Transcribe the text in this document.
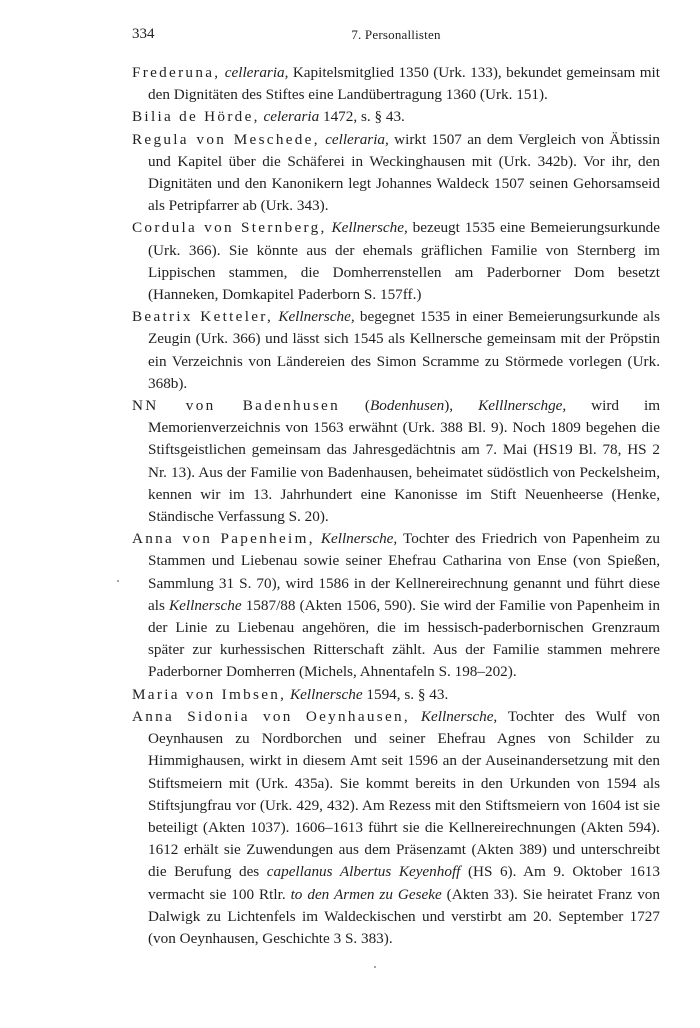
334	7. Personallisten

Frederuna, celleraria, Kapitelsmitglied 1350 (Urk. 133), bekundet gemeinsam mit den Dignitäten des Stiftes eine Landübertragung 1360 (Urk. 151).

Bilia de Hörde, celeraria 1472, s. § 43.

Regula von Meschede, celleraria, wirkt 1507 an dem Vergleich von Äbtissin und Kapitel über die Schäferei in Weckinghausen mit (Urk. 342b). Vor ihr, den Dignitäten und den Kanonikern legt Johannes Waldeck 1507 seinen Gehorsamseid als Petripfarrer ab (Urk. 343).

Cordula von Sternberg, Kellnersche, bezeugt 1535 eine Bemeierungsurkunde (Urk. 366). Sie könnte aus der ehemals gräflichen Familie von Sternberg im Lippischen stammen, die Domherrenstellen am Paderborner Dom besetzt (Hanneken, Domkapitel Paderborn S. 157ff.)

Beatrix Ketteler, Kellnersche, begegnet 1535 in einer Bemeierungsurkunde als Zeugin (Urk. 366) und lässt sich 1545 als Kellnersche gemeinsam mit der Pröpstin ein Verzeichnis von Ländereien des Simon Scramme zu Störmede vorlegen (Urk. 368b).

NN von Badenhusen (Bodenhusen), Kelllnerschge, wird im Memorienverzeichnis von 1563 erwähnt (Urk. 388 Bl. 9). Noch 1809 begehen die Stiftsgeistlichen gemeinsam das Jahresgedächtnis am 7. Mai (HS19 Bl. 78, HS 2 Nr. 13). Aus der Familie von Badenhausen, beheimatet südöstlich von Peckelsheim, kennen wir im 13. Jahrhundert eine Kanonisse im Stift Neuenheerse (Henke, Ständische Verfassung S. 20).

Anna von Papenheim, Kellnersche, Tochter des Friedrich von Papenheim zu Stammen und Liebenau sowie seiner Ehefrau Catharina von Ense (von Spießen, Sammlung 31 S. 70), wird 1586 in der Kellnereirechnung genannt und führt diese als Kellnersche 1587/88 (Akten 1506, 590). Sie wird der Familie von Papenheim in der Linie zu Liebenau angehören, die im hessisch-paderbornischen Grenzraum später zur kurhessischen Ritterschaft zählt. Aus der Familie stammen mehrere Paderborner Domherren (Michels, Ahnentafeln S. 198–202).

Maria von Imbsen, Kellnersche 1594, s. § 43.

Anna Sidonia von Oeynhausen, Kellnersche, Tochter des Wulf von Oeynhausen zu Nordborchen und seiner Ehefrau Agnes von Schilder zu Himmighausen, wirkt in diesem Amt seit 1596 an der Auseinandersetzung mit den Stiftsmeiern mit (Urk. 435a). Sie kommt bereits in den Urkunden von 1594 als Stiftsjungfrau vor (Urk. 429, 432). Am Rezess mit den Stiftsmeiern von 1604 ist sie beteiligt (Akten 1037). 1606–1613 führt sie die Kellnereirechnungen (Akten 594). 1612 erhält sie Zuwendungen aus dem Präsenzamt (Akten 389) und unterschreibt die Berufung des capellanus Albertus Keyenhoff (HS 6). Am 9. Oktober 1613 vermacht sie 100 Rtlr. to den Armen zu Geseke (Akten 33). Sie heiratet Franz von Dalwigk zu Lichtenfels im Waldeckischen und verstirbt am 20. September 1727 (von Oeynhausen, Geschichte 3 S. 383).
